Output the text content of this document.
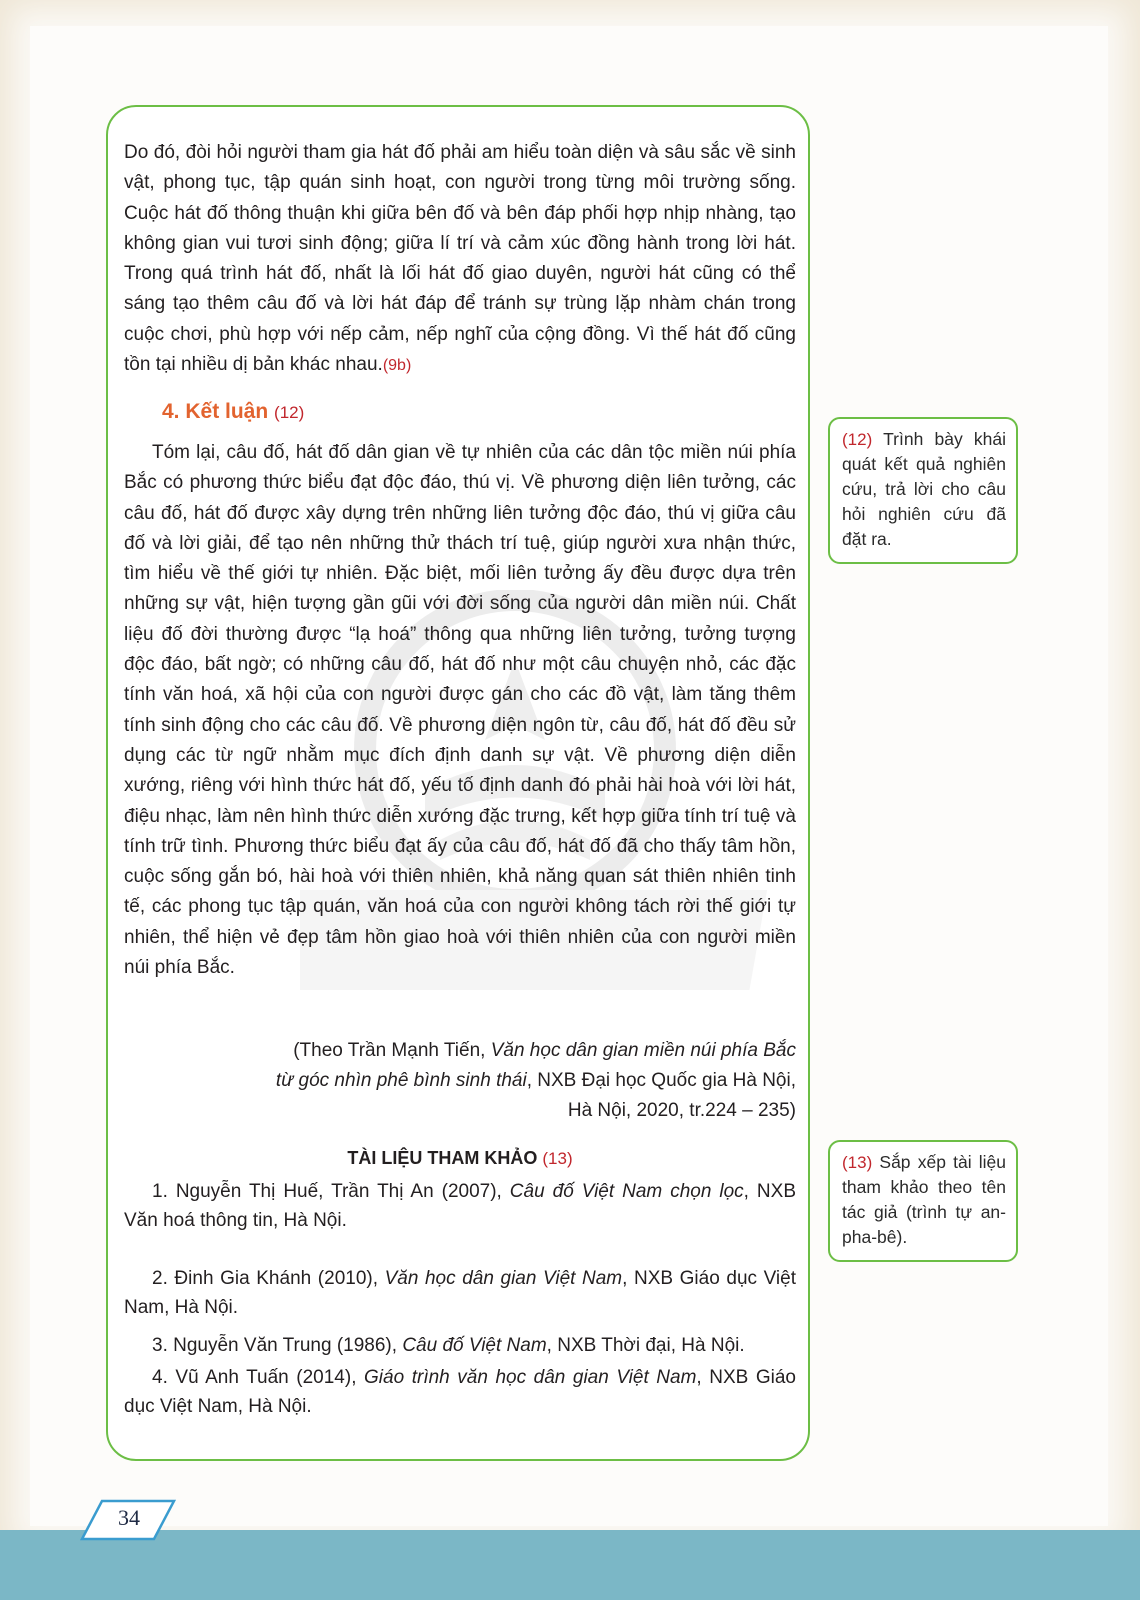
Do đó, đòi hỏi người tham gia hát đố phải am hiểu toàn diện và sâu sắc về sinh vật, phong tục, tập quán sinh hoạt, con người trong từng môi trường sống. Cuộc hát đố thông thuận khi giữa bên đố và bên đáp phối hợp nhịp nhàng, tạo không gian vui tươi sinh động; giữa lí trí và cảm xúc đồng hành trong lời hát. Trong quá trình hát đố, nhất là lối hát đố giao duyên, người hát cũng có thể sáng tạo thêm câu đố và lời hát đáp để tránh sự trùng lặp nhàm chán trong cuộc chơi, phù hợp với nếp cảm, nếp nghĩ của cộng đồng. Vì thế hát đố cũng tồn tại nhiều dị bản khác nhau.(9b)

4. Kết luận (12)

Tóm lại, câu đố, hát đố dân gian về tự nhiên của các dân tộc miền núi phía Bắc có phương thức biểu đạt độc đáo, thú vị. Về phương diện liên tưởng, các câu đố, hát đố được xây dựng trên những liên tưởng độc đáo, thú vị giữa câu đố và lời giải, để tạo nên những thử thách trí tuệ, giúp người xưa nhận thức, tìm hiểu về thế giới tự nhiên. Đặc biệt, mối liên tưởng ấy đều được dựa trên những sự vật, hiện tượng gần gũi với đời sống của người dân miền núi. Chất liệu đố đời thường được “lạ hoá” thông qua những liên tưởng, tưởng tượng độc đáo, bất ngờ; có những câu đố, hát đố như một câu chuyện nhỏ, các đặc tính văn hoá, xã hội của con người được gán cho các đồ vật, làm tăng thêm tính sinh động cho các câu đố. Về phương diện ngôn từ, câu đố, hát đố đều sử dụng các từ ngữ nhằm mục đích định danh sự vật. Về phương diện diễn xướng, riêng với hình thức hát đố, yếu tố định danh đó phải hài hoà với lời hát, điệu nhạc, làm nên hình thức diễn xướng đặc trưng, kết hợp giữa tính trí tuệ và tính trữ tình. Phương thức biểu đạt ấy của câu đố, hát đố đã cho thấy tâm hồn, cuộc sống gắn bó, hài hoà với thiên nhiên, khả năng quan sát thiên nhiên tinh tế, các phong tục tập quán, văn hoá của con người không tách rời thế giới tự nhiên, thể hiện vẻ đẹp tâm hồn giao hoà với thiên nhiên của con người miền núi phía Bắc.

(Theo Trần Mạnh Tiến, Văn học dân gian miền núi phía Bắc
từ góc nhìn phê bình sinh thái, NXB Đại học Quốc gia Hà Nội,
Hà Nội, 2020, tr.224 – 235)

TÀI LIỆU THAM KHẢO (13)

1. Nguyễn Thị Huế, Trần Thị An (2007), Câu đố Việt Nam chọn lọc, NXB Văn hoá thông tin, Hà Nội.

2. Đinh Gia Khánh (2010), Văn học dân gian Việt Nam, NXB Giáo dục Việt Nam, Hà Nội.

3. Nguyễn Văn Trung (1986), Câu đố Việt Nam, NXB Thời đại, Hà Nội.

4. Vũ Anh Tuấn (2014), Giáo trình văn học dân gian Việt Nam, NXB Giáo dục Việt Nam, Hà Nội.

(12) Trình bày khái quát kết quả nghiên cứu, trả lời cho câu hỏi nghiên cứu đã đặt ra.
(13) Sắp xếp tài liệu tham khảo theo tên tác giả (trình tự an-pha-bê).
34
